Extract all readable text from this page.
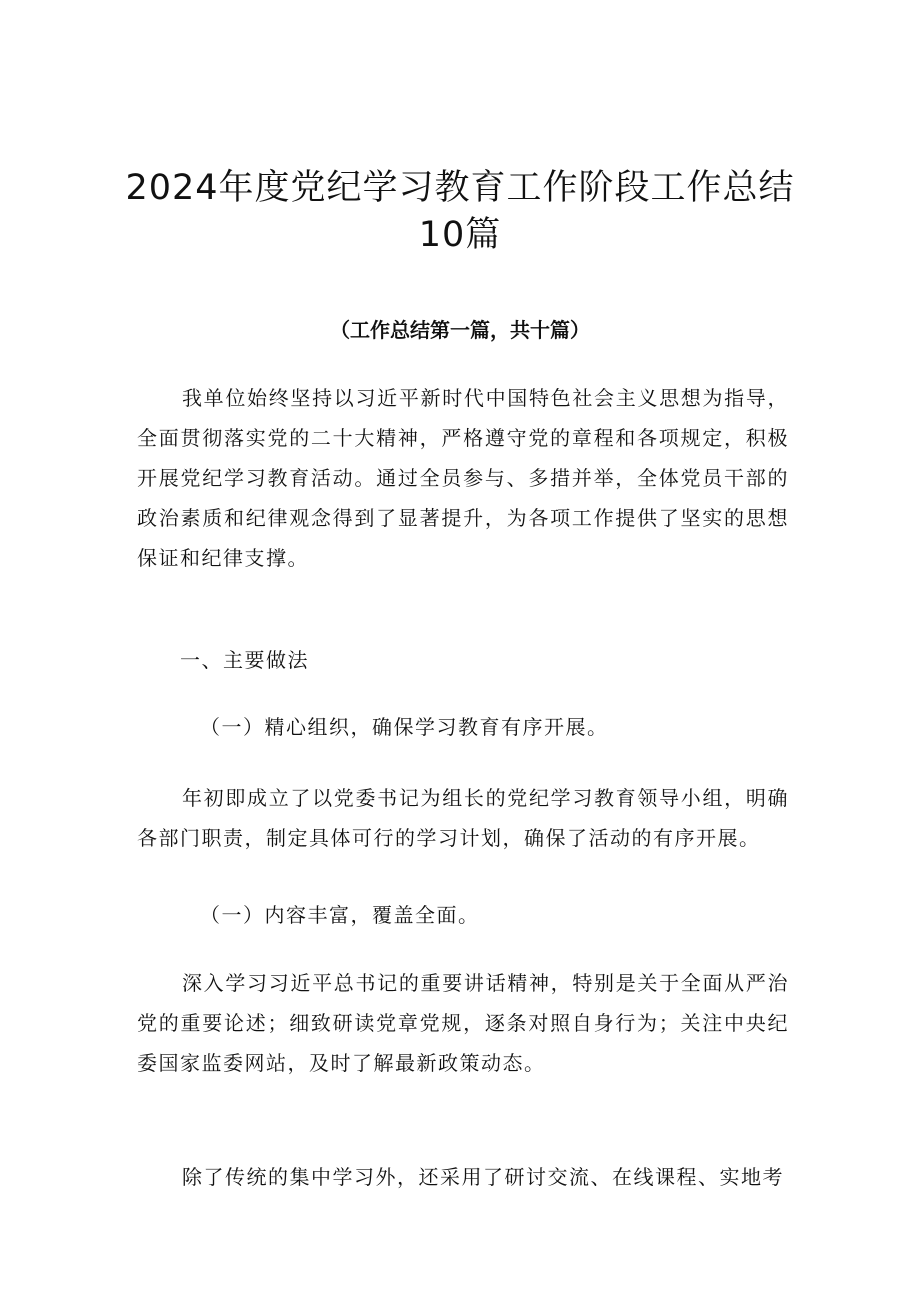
2024年度党纪学习教育工作阶段工作总结
10篇
（工作总结第一篇，共十篇）

我单位始终坚持以习近平新时代中国特色社会主义思想为指导，全面贯彻落实党的二十大精神，严格遵守党的章程和各项规定，积极开展党纪学习教育活动。通过全员参与、多措并举，全体党员干部的政治素质和纪律观念得到了显著提升，为各项工作提供了坚实的思想保证和纪律支撑。

一、主要做法
（一）精心组织，确保学习教育有序开展。

年初即成立了以党委书记为组长的党纪学习教育领导小组，明确各部门职责，制定具体可行的学习计划，确保了活动的有序开展。

（一）内容丰富，覆盖全面。

深入学习习近平总书记的重要讲话精神，特别是关于全面从严治党的重要论述；细致研读党章党规，逐条对照自身行为；关注中央纪委国家监委网站，及时了解最新政策动态。

除了传统的集中学习外，还采用了研讨交流、在线课程、实地考
